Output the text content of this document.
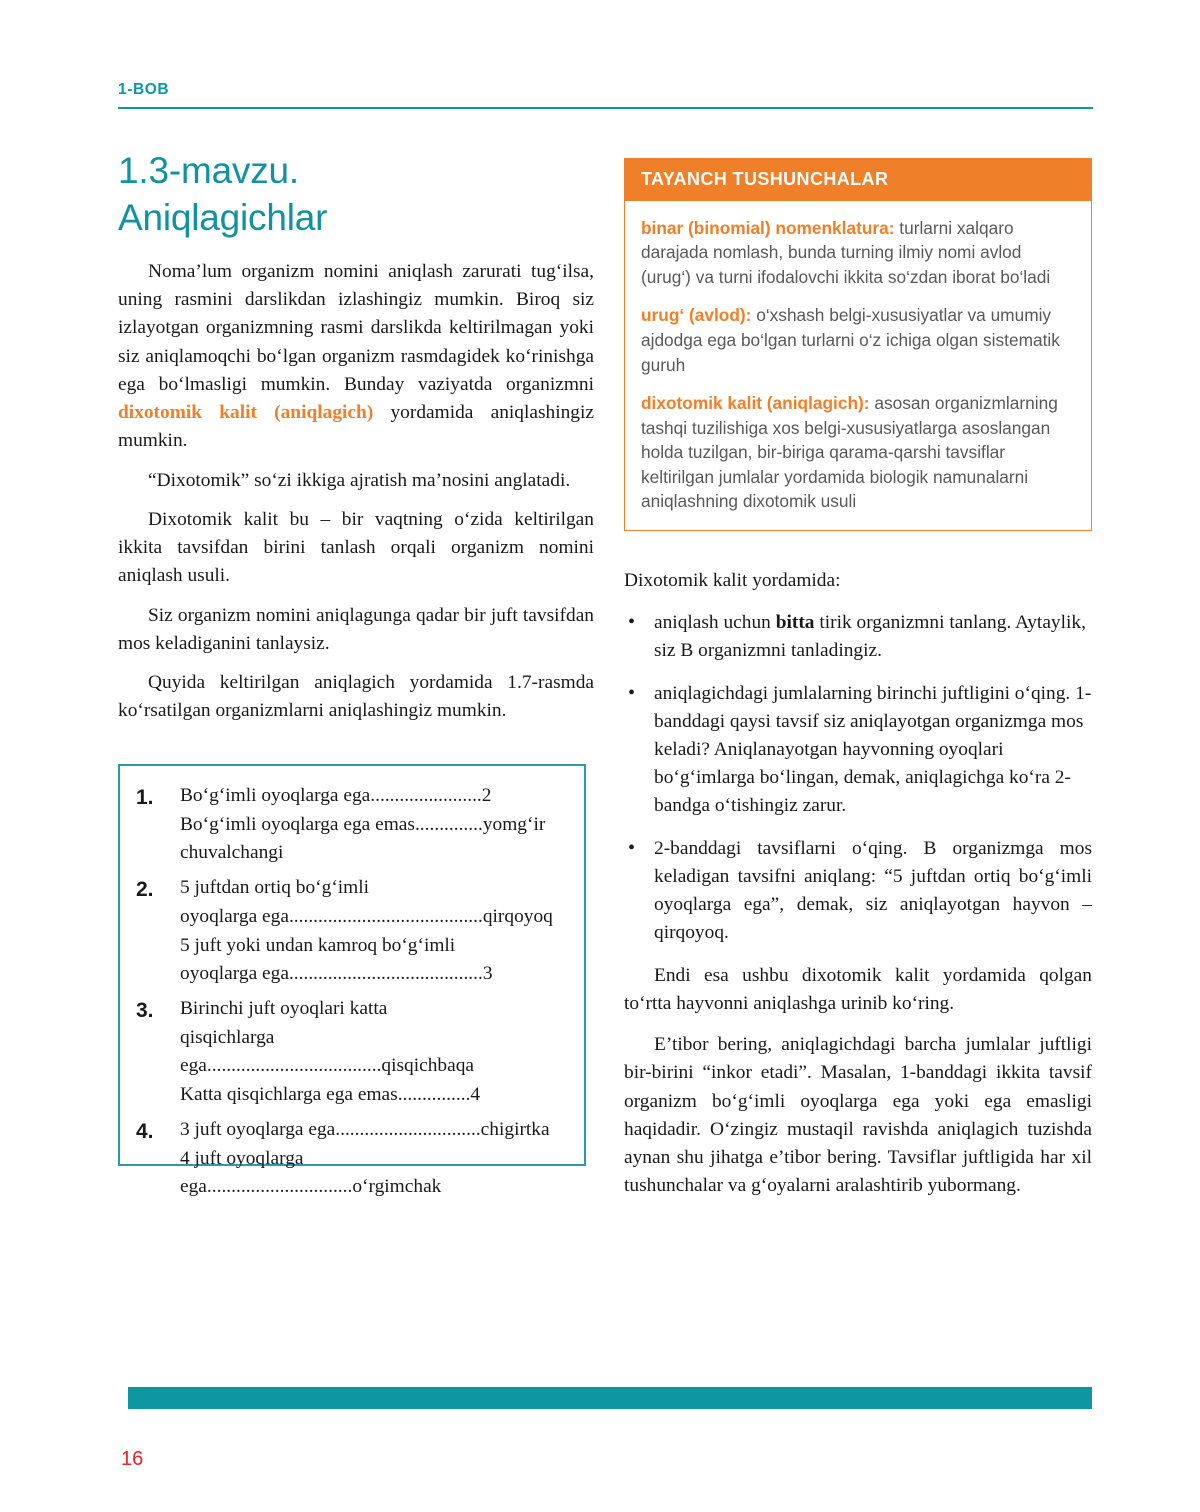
1-BOB
1.3-mavzu.
Aniqlagichlar

Noma’lum organizm nomini aniqlash zarurati tug‘ilsa, uning rasmini darslikdan izlashingiz mumkin. Biroq siz izlayotgan organizmning rasmi darslikda keltirilmagan yoki siz aniqlamoqchi bo‘lgan organizm rasmdagidek ko‘rinishga ega bo‘lmasligi mumkin. Bunday vaziyatda organizmni dixotomik kalit (aniqlagich) yordamida aniqlashingiz mumkin.

“Dixotomik” so‘zi ikkiga ajratish ma’nosini anglatadi.

Dixotomik kalit bu – bir vaqtning o‘zida keltirilgan ikkita tavsifdan birini tanlash orqali organizm nomini aniqlash usuli.

Siz organizm nomini aniqlagunga qadar bir juft tavsifdan mos keladiganini tanlaysiz.

Quyida keltirilgan aniqlagich yordamida 1.7-rasmda ko‘rsatilgan organizmlarni aniqlashingiz mumkin.

1.	Bo‘g‘imli oyoqlarga ega.......................2
Bo‘g‘imli oyoqlarga ega emas..............yomg‘ir
chuvalchangi
2.	5 juftdan ortiq bo‘g‘imli
oyoqlarga ega........................................qirqoyoq
5 juft yoki undan kamroq bo‘g‘imli
oyoqlarga ega........................................3
3.	Birinchi juft oyoqlari katta
qisqichlarga ega....................................qisqichbaqa
Katta qisqichlarga ega emas...............4
4.	3 juft oyoqlarga ega..............................chigirtka
4 juft oyoqlarga ega..............................o‘rgimchak
TAYANCH TUSHUNCHALAR
binar (binomial) nomenklatura: turlarni xalqaro darajada nomlash, bunda turning ilmiy nomi avlod (urug‘) va turni ifodalovchi ikkita so‘zdan iborat bo‘ladi
urug‘ (avlod): o‘xshash belgi-xususiyatlar va umumiy ajdodga ega bo‘lgan turlarni o‘z ichiga olgan sistematik guruh
dixotomik kalit (aniqlagich): asosan organizmlarning tashqi tuzilishiga xos belgi-xususiyatlarga asoslangan holda tuzilgan, bir-biriga qarama-qarshi tavsiflar keltirilgan jumlalar yordamida biologik namunalarni aniqlashning dixotomik usuli

Dixotomik kalit yordamida:

• aniqlash uchun bitta tirik organizmni tanlang. Aytaylik, siz B organizmni tanladingiz.
• aniqlagichdagi jumlalarning birinchi juftligini o‘qing. 1-banddagi qaysi tavsif siz aniqlayotgan organizmga mos keladi? Aniqlanayotgan hayvonning oyoqlari bo‘g‘imlarga bo‘lingan, demak, aniqlagichga ko‘ra 2-bandga o‘tishingiz zarur.
• 2-banddagi tavsiflarni o‘qing. B organizmga mos keladigan tavsifni aniqlang: “5 juftdan ortiq bo‘g‘imli oyoqlarga ega”, demak, siz aniqlayotgan hayvon – qirqoyoq.

Endi esa ushbu dixotomik kalit yordamida qolgan to‘rtta hayvonni aniqlashga urinib ko‘ring.

E’tibor bering, aniqlagichdagi barcha jumlalar juftligi bir-birini “inkor etadi”. Masalan, 1-banddagi ikkita tavsif organizm bo‘g‘imli oyoqlarga ega yoki ega emasligi haqidadir. O‘zingiz mustaqil ravishda aniqlagich tuzishda aynan shu jihatga e’tibor bering. Tavsiflar juftligida har xil tushunchalar va g‘oyalarni aralashtirib yubormang.

16
